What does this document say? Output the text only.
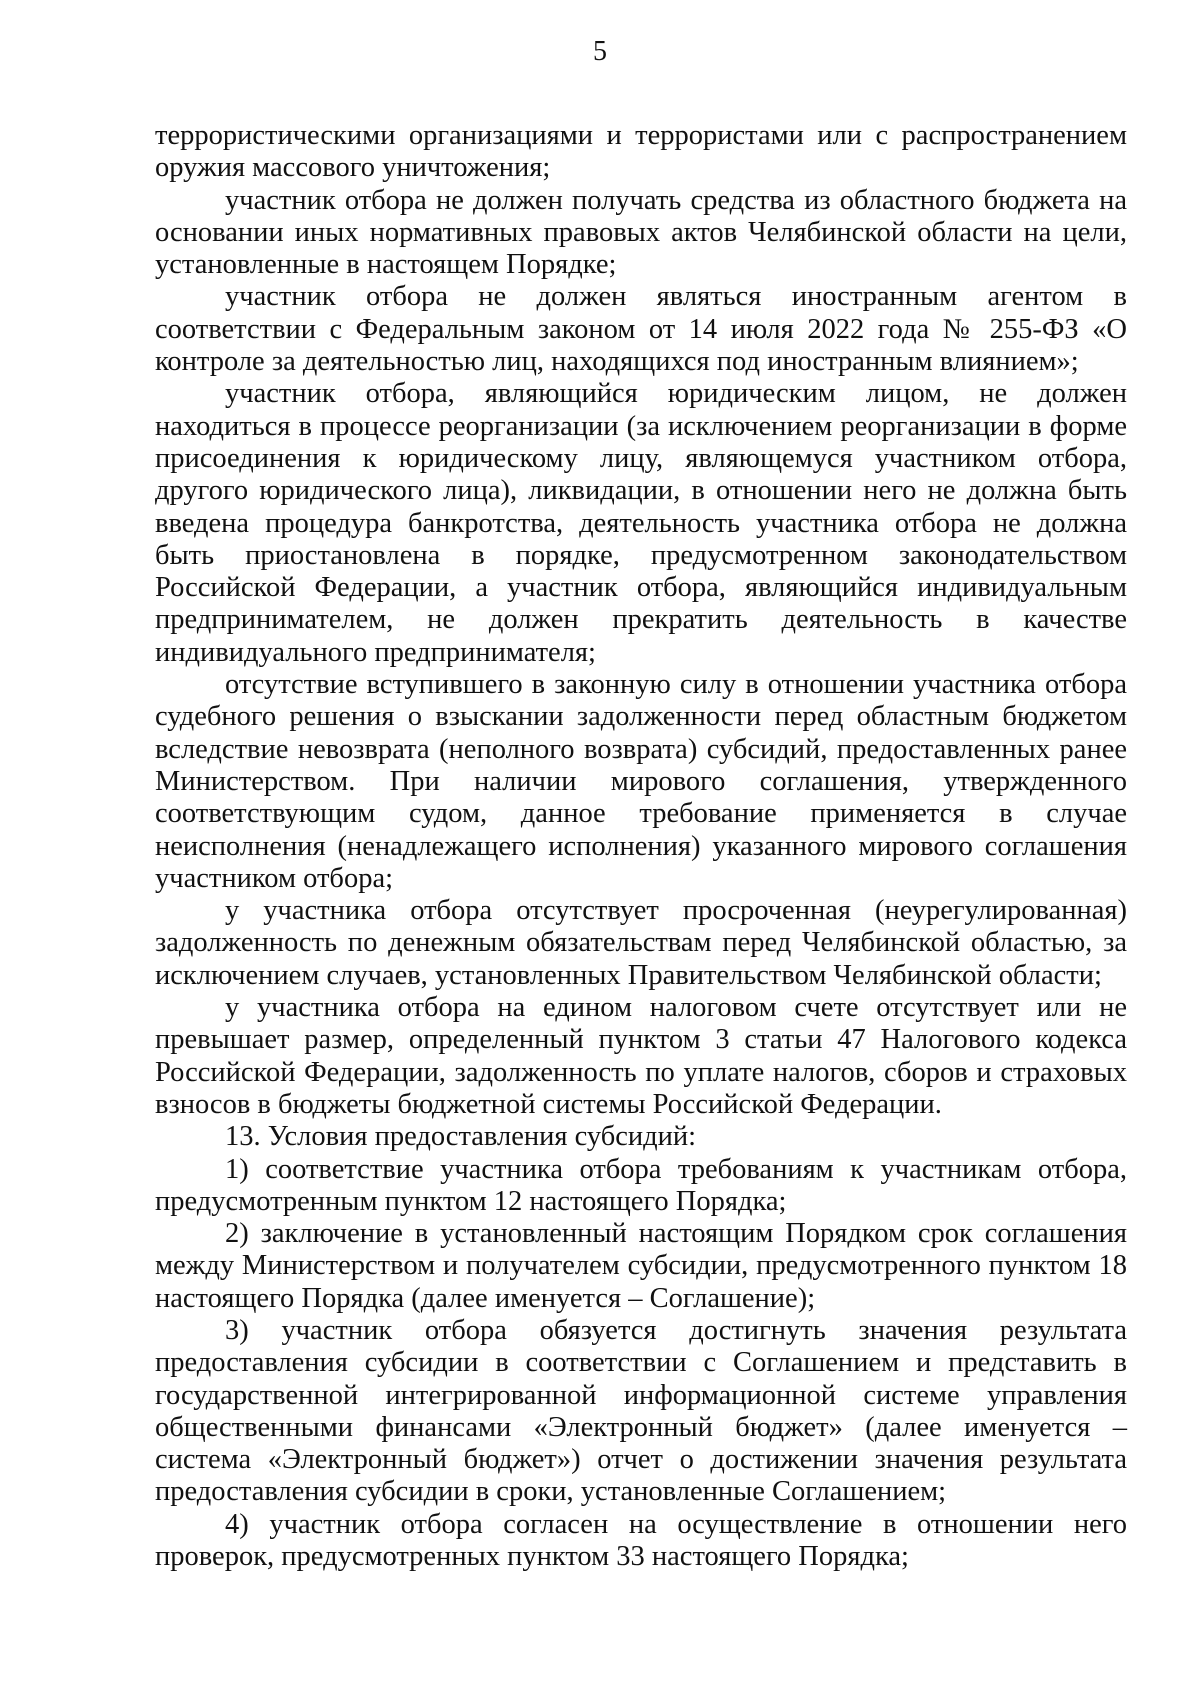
5

террористическими организациями и террористами или с распространением оружия массового уничтожения;

участник отбора не должен получать средства из областного бюджета на основании иных нормативных правовых актов Челябинской области на цели, установленные в настоящем Порядке;

участник отбора не должен являться иностранным агентом в соответствии с Федеральным законом от 14 июля 2022 года № 255-ФЗ «О контроле за деятельностью лиц, находящихся под иностранным влиянием»;

участник отбора, являющийся юридическим лицом, не должен находиться в процессе реорганизации (за исключением реорганизации в форме присоединения к юридическому лицу, являющемуся участником отбора, другого юридического лица), ликвидации, в отношении него не должна быть введена процедура банкротства, деятельность участника отбора не должна быть приостановлена в порядке, предусмотренном законодательством Российской Федерации, а участник отбора, являющийся индивидуальным предпринимателем, не должен прекратить деятельность в качестве индивидуального предпринимателя;

отсутствие вступившего в законную силу в отношении участника отбора судебного решения о взыскании задолженности перед областным бюджетом вследствие невозврата (неполного возврата) субсидий, предоставленных ранее Министерством. При наличии мирового соглашения, утвержденного соответствующим судом, данное требование применяется в случае неисполнения (ненадлежащего исполнения) указанного мирового соглашения участником отбора;

у участника отбора отсутствует просроченная (неурегулированная) задолженность по денежным обязательствам перед Челябинской областью, за исключением случаев, установленных Правительством Челябинской области;

у участника отбора на едином налоговом счете отсутствует или не превышает размер, определенный пунктом 3 статьи 47 Налогового кодекса Российской Федерации, задолженность по уплате налогов, сборов и страховых взносов в бюджеты бюджетной системы Российской Федерации.

13. Условия предоставления субсидий:

1) соответствие участника отбора требованиям к участникам отбора, предусмотренным пунктом 12 настоящего Порядка;

2) заключение в установленный настоящим Порядком срок соглашения между Министерством и получателем субсидии, предусмотренного пунктом 18 настоящего Порядка (далее именуется – Соглашение);

3) участник отбора обязуется достигнуть значения результата предоставления субсидии в соответствии с Соглашением и представить в государственной интегрированной информационной системе управления общественными финансами «Электронный бюджет» (далее именуется – система «Электронный бюджет») отчет о достижении значения результата предоставления субсидии в сроки, установленные Соглашением;

4) участник отбора согласен на осуществление в отношении него проверок, предусмотренных пунктом 33 настоящего Порядка;
